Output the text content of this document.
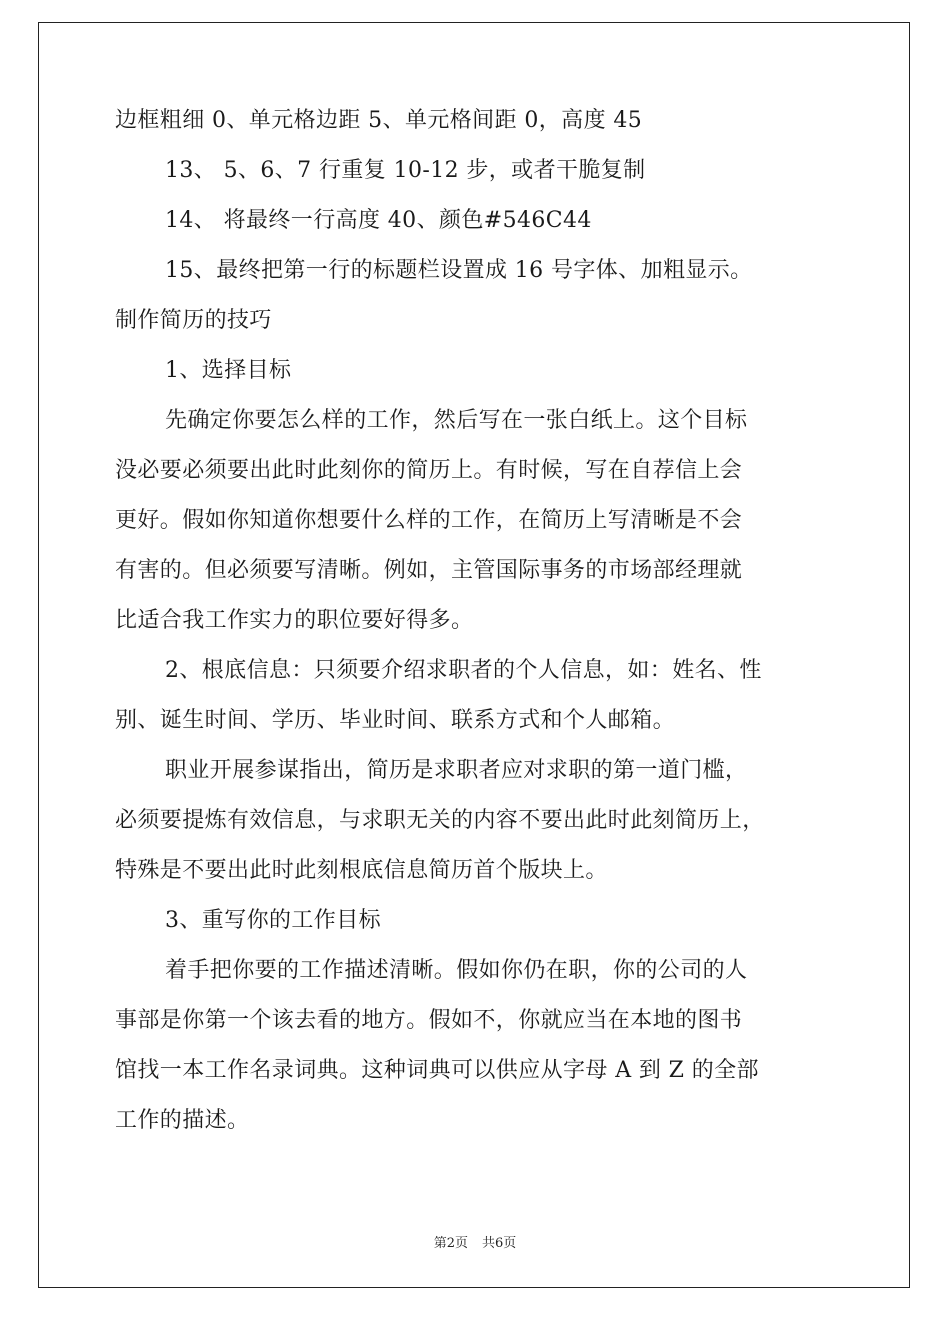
边框粗细 0、单元格边距 5、单元格间距 0，高度 45
13、 5、6、7 行重复 10-12 步，或者干脆复制
14、 将最终一行高度 40、颜色#546C44
15、最终把第一行的标题栏设置成 16 号字体、加粗显示。
制作简历的技巧
1、选择目标
先确定你要怎么样的工作，然后写在一张白纸上。这个目标
没必要必须要出此时此刻你的简历上。有时候，写在自荐信上会
更好。假如你知道你想要什么样的工作，在简历上写清晰是不会
有害的。但必须要写清晰。例如，主管国际事务的市场部经理就
比适合我工作实力的职位要好得多。
2、根底信息：只须要介绍求职者的个人信息，如：姓名、性
别、诞生时间、学历、毕业时间、联系方式和个人邮箱。
职业开展参谋指出，简历是求职者应对求职的第一道门槛，
必须要提炼有效信息，与求职无关的内容不要出此时此刻简历上，
特殊是不要出此时此刻根底信息简历首个版块上。
3、重写你的工作目标
着手把你要的工作描述清晰。假如你仍在职，你的公司的人
事部是你第一个该去看的地方。假如不，你就应当在本地的图书
馆找一本工作名录词典。这种词典可以供应从字母 A 到 Z 的全部
工作的描述。
第2页 共6页
